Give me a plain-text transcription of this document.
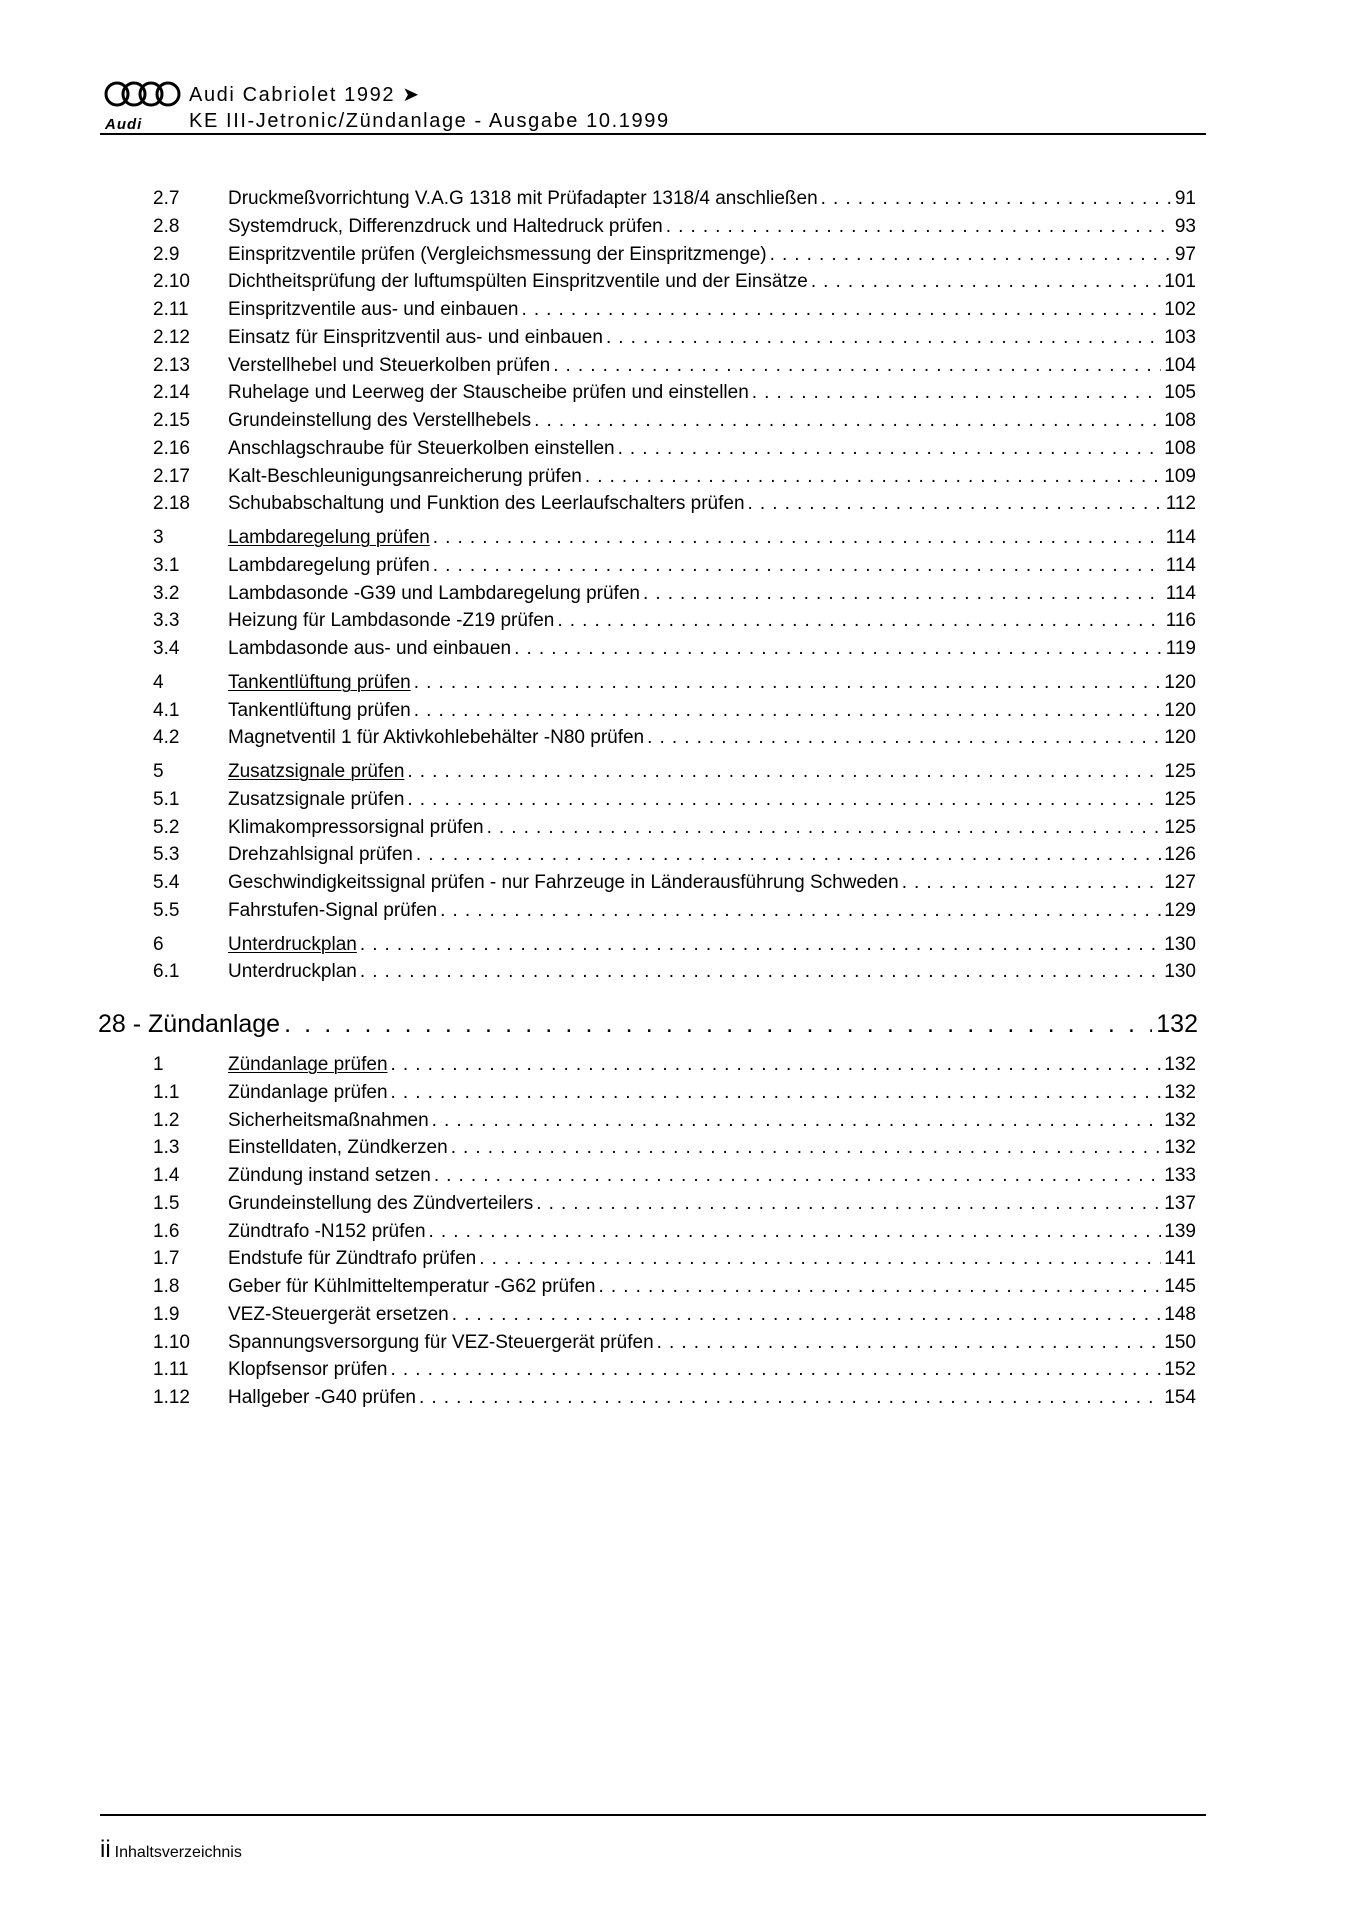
Audi
Audi Cabriolet 1992 ➤
KE III-Jetronic/Zündanlage - Ausgabe 10.1999
2.7	Druckmeßvorrichtung V.A.G 1318 mit Prüfadapter 1318/4 anschließen . . .	91
2.8	Systemdruck, Differenzdruck und Haltedruck prüfen . . .	93
2.9	Einspritzventile prüfen (Vergleichsmessung der Einspritzmenge) . . .	97
2.10	Dichtheitsprüfung der luftumspülten Einspritzventile und der Einsätze . . .	101
2.11	Einspritzventile aus- und einbauen . . .	102
2.12	Einsatz für Einspritzventil aus- und einbauen . . .	103
2.13	Verstellhebel und Steuerkolben prüfen . . .	104
2.14	Ruhelage und Leerweg der Stauscheibe prüfen und einstellen . . .	105
2.15	Grundeinstellung des Verstellhebels . . .	108
2.16	Anschlagschraube für Steuerkolben einstellen . . .	108
2.17	Kalt-Beschleunigungsanreicherung prüfen . . .	109
2.18	Schubabschaltung und Funktion des Leerlaufschalters prüfen . . .	112
3	Lambdaregelung prüfen . . .	114
3.1	Lambdaregelung prüfen . . .	114
3.2	Lambdasonde -G39 und Lambdaregelung prüfen . . .	114
3.3	Heizung für Lambdasonde -Z19 prüfen . . .	116
3.4	Lambdasonde aus- und einbauen . . .	119
4	Tankentlüftung prüfen . . .	120
4.1	Tankentlüftung prüfen . . .	120
4.2	Magnetventil 1 für Aktivkohlebehälter -N80 prüfen . . .	120
5	Zusatzsignale prüfen . . .	125
5.1	Zusatzsignale prüfen . . .	125
5.2	Klimakompressorsignal prüfen . . .	125
5.3	Drehzahlsignal prüfen . . .	126
5.4	Geschwindigkeitssignal prüfen - nur Fahrzeuge in Länderausführung Schweden . . .	127
5.5	Fahrstufen-Signal prüfen . . .	129
6	Unterdruckplan . . .	130
6.1	Unterdruckplan . . .	130
28 - Zündanlage . . .	132
1	Zündanlage prüfen . . .	132
1.1	Zündanlage prüfen . . .	132
1.2	Sicherheitsmaßnahmen . . .	132
1.3	Einstelldaten, Zündkerzen . . .	132
1.4	Zündung instand setzen . . .	133
1.5	Grundeinstellung des Zündverteilers . . .	137
1.6	Zündtrafo -N152 prüfen . . .	139
1.7	Endstufe für Zündtrafo prüfen . . .	141
1.8	Geber für Kühlmitteltemperatur -G62 prüfen . . .	145
1.9	VEZ-Steuergerät ersetzen . . .	148
1.10	Spannungsversorgung für VEZ-Steuergerät prüfen . . .	150
1.11	Klopfsensor prüfen . . .	152
1.12	Hallgeber -G40 prüfen . . .	154
ii Inhaltsverzeichnis
